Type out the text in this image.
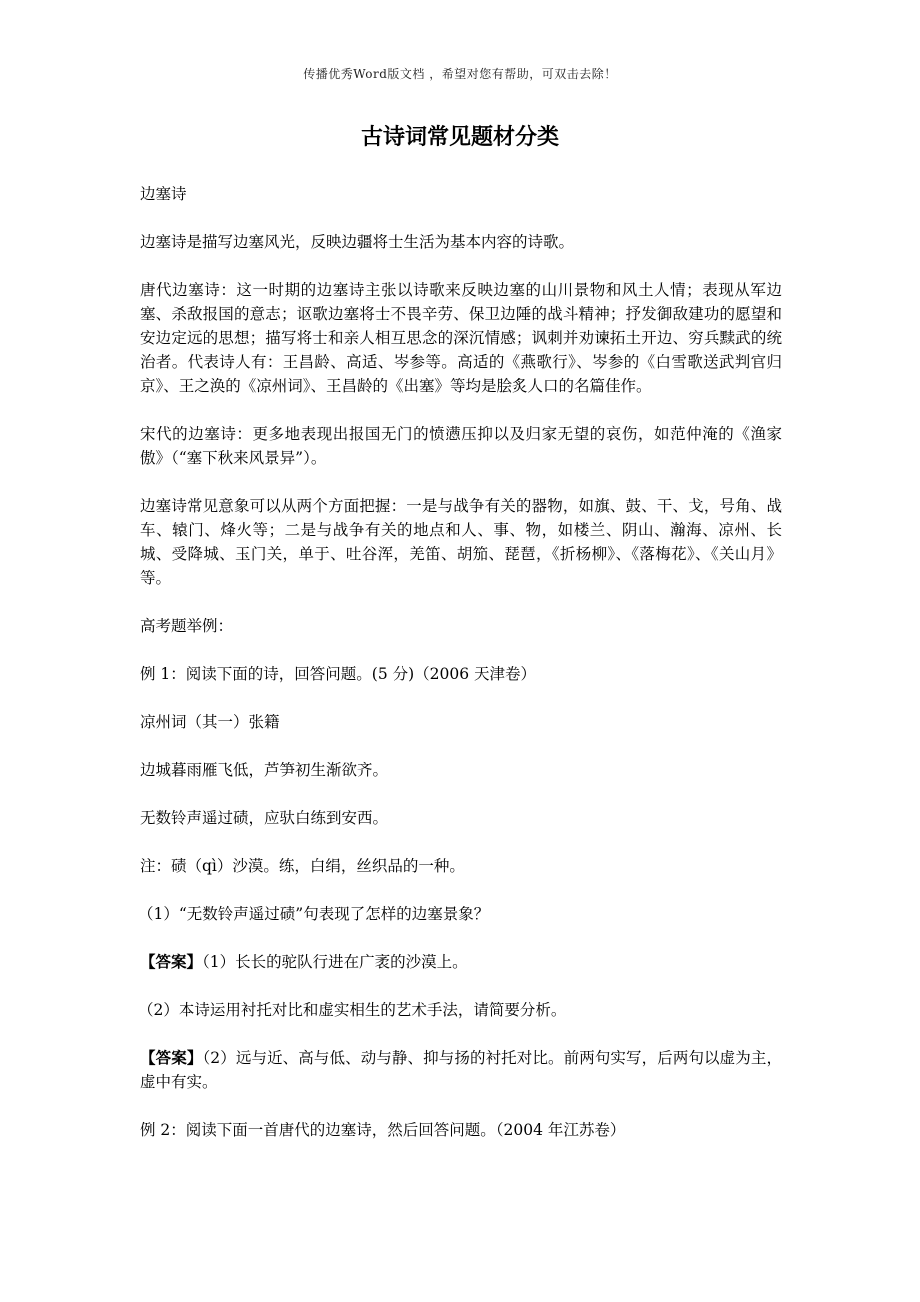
传播优秀Word版文档 ，希望对您有帮助，可双击去除！
古诗词常见题材分类

边塞诗

边塞诗是描写边塞风光，反映边疆将士生活为基本内容的诗歌。

唐代边塞诗：这一时期的边塞诗主张以诗歌来反映边塞的山川景物和风土人情；表现从军边塞、杀敌报国的意志；讴歌边塞将士不畏辛劳、保卫边陲的战斗精神；抒发御敌建功的愿望和安边定远的思想；描写将士和亲人相互思念的深沉情感；讽刺并劝谏拓土开边、穷兵黩武的统治者。代表诗人有：王昌龄、高适、岑参等。高适的《燕歌行》、岑参的《白雪歌送武判官归京》、王之涣的《凉州词》、王昌龄的《出塞》等均是脍炙人口的名篇佳作。

宋代的边塞诗：更多地表现出报国无门的愤懑压抑以及归家无望的哀伤，如范仲淹的《渔家傲》（“塞下秋来风景异”）。

边塞诗常见意象可以从两个方面把握：一是与战争有关的器物，如旗、鼓、干、戈，号角、战车、辕门、烽火等；二是与战争有关的地点和人、事、物，如楼兰、阴山、瀚海、凉州、长城、受降城、玉门关，单于、吐谷浑，羌笛、胡笳、琵琶，《折杨柳》、《落梅花》、《关山月》等。

高考题举例：

例 1：阅读下面的诗，回答问题。(5 分)（2006 天津卷）

凉州词（其一）张籍

边城暮雨雁飞低，芦笋初生渐欲齐。

无数铃声遥过碛，应驮白练到安西。

注：碛（qì）沙漠。练，白绢，丝织品的一种。

（1）“无数铃声遥过碛”句表现了怎样的边塞景象？

【答案】（1）长长的驼队行进在广袤的沙漠上。

（2）本诗运用衬托对比和虚实相生的艺术手法，请简要分析。

【答案】（2）远与近、高与低、动与静、抑与扬的衬托对比。前两句实写，后两句以虚为主，虚中有实。

例 2：阅读下面一首唐代的边塞诗，然后回答问题。（2004 年江苏卷）
